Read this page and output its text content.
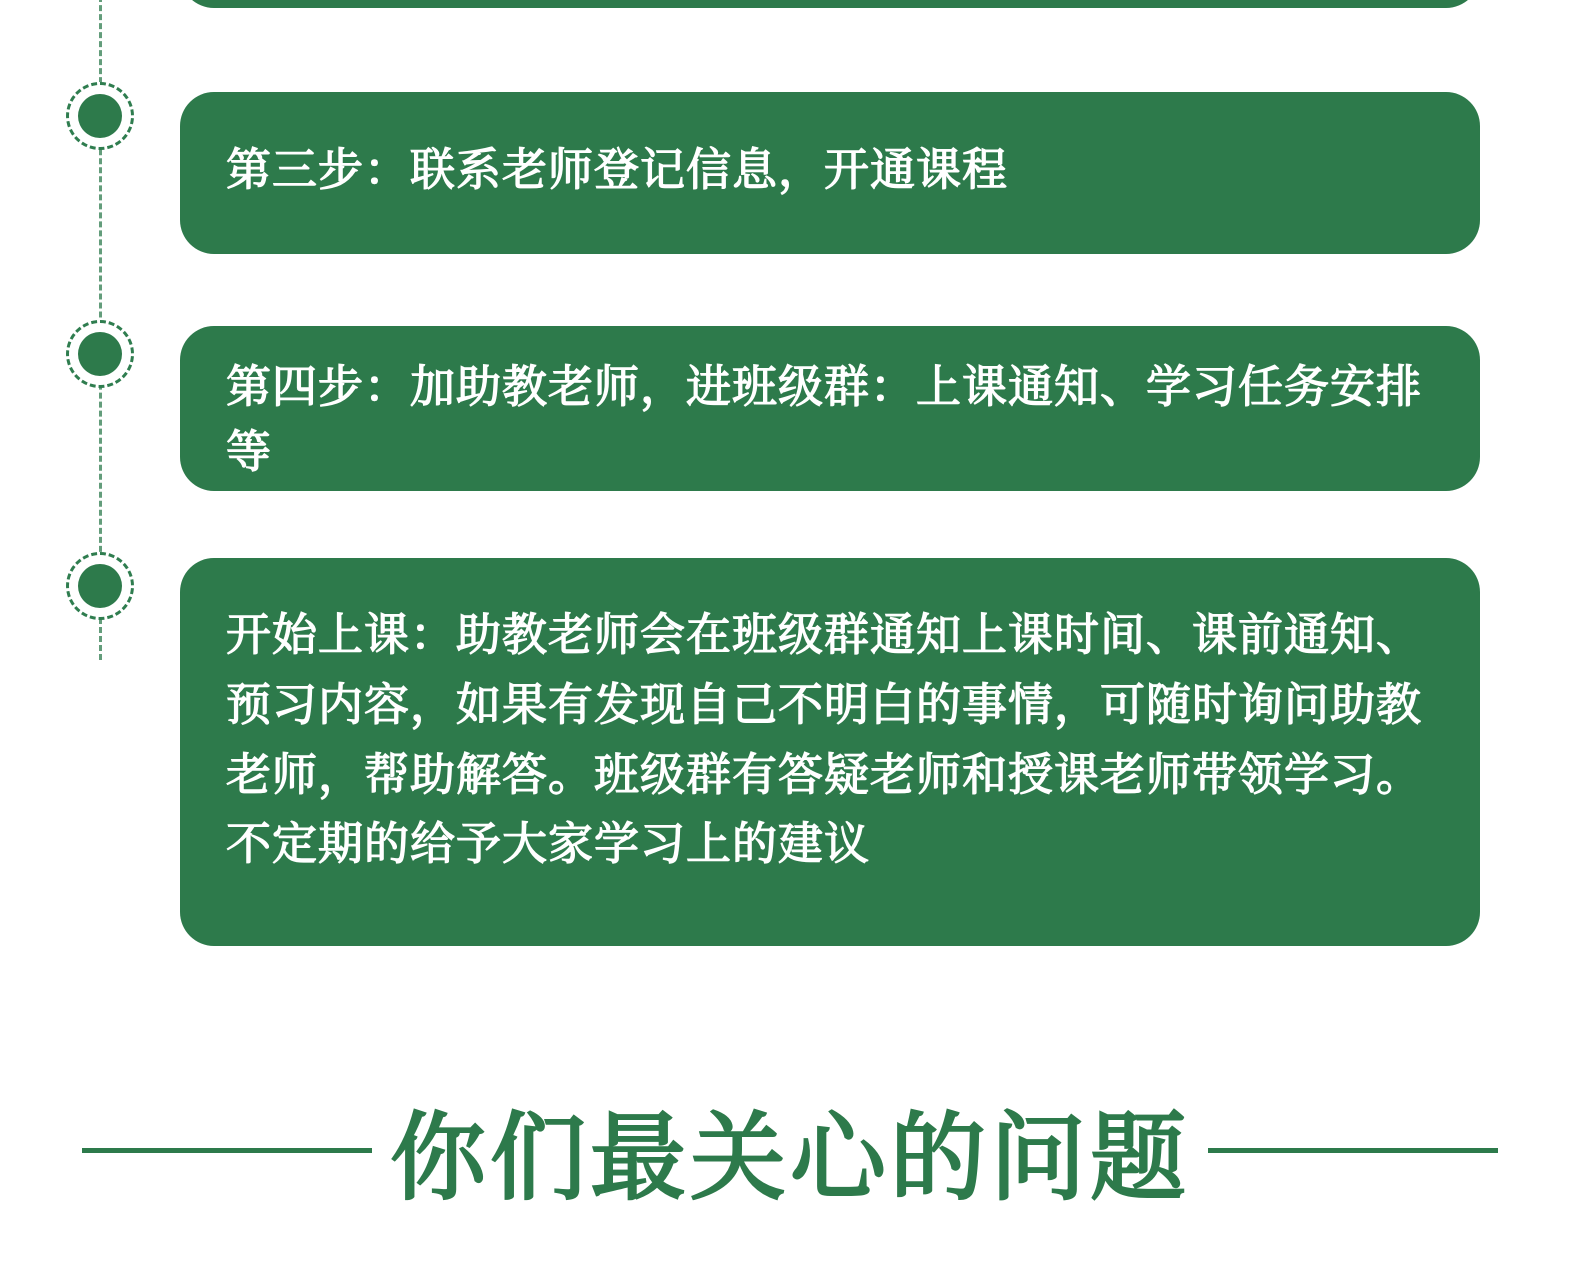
第三步：联系老师登记信息，开通课程
第四步：加助教老师，进班级群：上课通知、学习任务安排等
开始上课：助教老师会在班级群通知上课时间、课前通知、预习内容，如果有发现自己不明白的事情，可随时询问助教老师，帮助解答。班级群有答疑老师和授课老师带领学习。不定期的给予大家学习上的建议
你们最关心的问题
